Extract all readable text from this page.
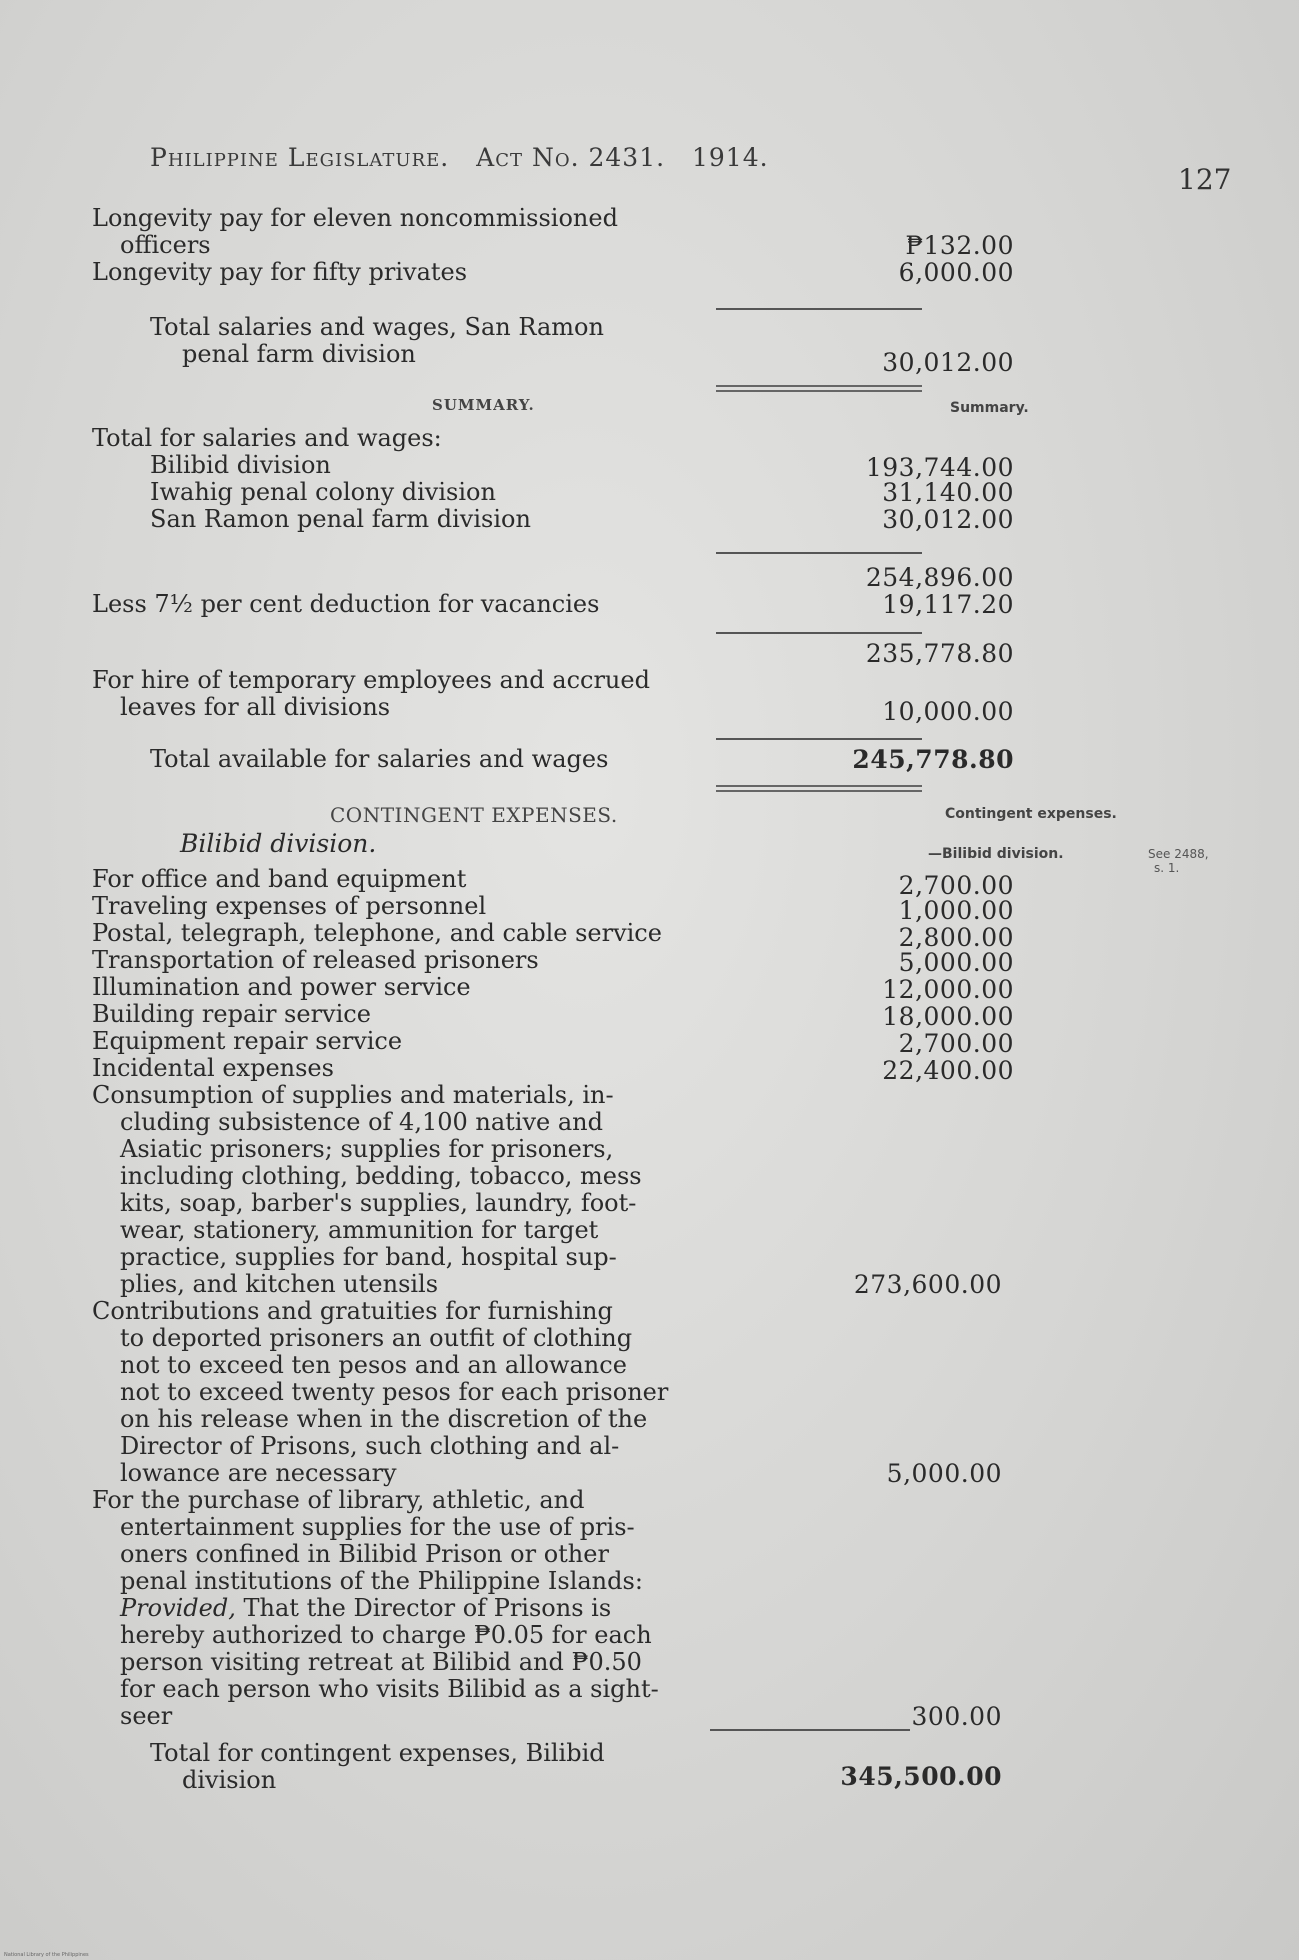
Philippine Legislature. Act No. 2431. 1914.
127
Longevity pay for eleven noncommissioned
officers	₱132.00
Longevity pay for fifty privates	6,000.00
Total salaries and wages, San Ramon
penal farm division	30,012.00
SUMMARY.	Summary.
Total for salaries and wages:
Bilibid division	193,744.00
Iwahig penal colony division	31,140.00
San Ramon penal farm division	30,012.00
254,896.00
Less 7½ per cent deduction for vacancies	19,117.20
235,778.80
For hire of temporary employees and accrued
leaves for all divisions	10,000.00
Total available for salaries and wages	245,778.80
CONTINGENT EXPENSES.	Contingent expenses.
Bilibid division.	—Bilibid division.	See 2488,
s. 1.
For office and band equipment	2,700.00
Traveling expenses of personnel	1,000.00
Postal, telegraph, telephone, and cable service	2,800.00
Transportation of released prisoners	5,000.00
Illumination and power service	12,000.00
Building repair service	18,000.00
Equipment repair service	2,700.00
Incidental expenses	22,400.00
Consumption of supplies and materials, in-
cluding subsistence of 4,100 native and
Asiatic prisoners; supplies for prisoners,
including clothing, bedding, tobacco, mess
kits, soap, barber's supplies, laundry, foot-
wear, stationery, ammunition for target
practice, supplies for band, hospital sup-
plies, and kitchen utensils	273,600.00
Contributions and gratuities for furnishing
to deported prisoners an outfit of clothing
not to exceed ten pesos and an allowance
not to exceed twenty pesos for each prisoner
on his release when in the discretion of the
Director of Prisons, such clothing and al-
lowance are necessary	5,000.00
For the purchase of library, athletic, and
entertainment supplies for the use of pris-
oners confined in Bilibid Prison or other
penal institutions of the Philippine Islands:
Provided, That the Director of Prisons is
hereby authorized to charge ₱0.05 for each
person visiting retreat at Bilibid and ₱0.50
for each person who visits Bilibid as a sight-
seer	300.00
Total for contingent expenses, Bilibid
division	345,500.00
National Library of the Philippines
